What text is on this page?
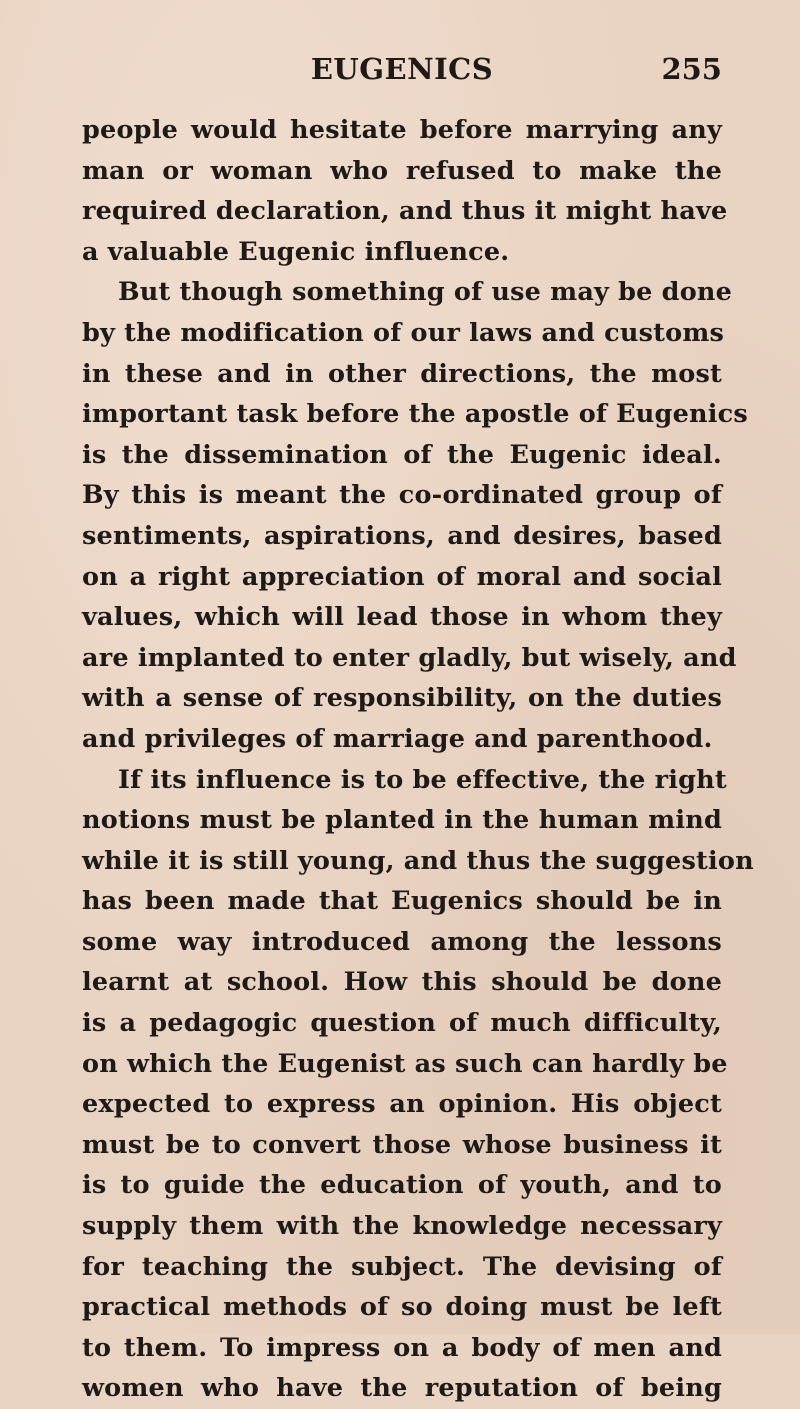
EUGENICS	255
people would hesitate before marrying any
man or woman who refused to make the
required declaration, and thus it might have
a valuable Eugenic influence.
But though something of use may be done
by the modification of our laws and customs
in these and in other directions, the most
important task before the apostle of Eugenics
is the dissemination of the Eugenic ideal.
By this is meant the co-ordinated group of
sentiments, aspirations, and desires, based
on a right appreciation of moral and social
values, which will lead those in whom they
are implanted to enter gladly, but wisely, and
with a sense of responsibility, on the duties
and privileges of marriage and parenthood.
If its influence is to be effective, the right
notions must be planted in the human mind
while it is still young, and thus the suggestion
has been made that Eugenics should be in
some way introduced among the lessons
learnt at school. How this should be done
is a pedagogic question of much difficulty,
on which the Eugenist as such can hardly be
expected to express an opinion. His object
must be to convert those whose business it
is to guide the education of youth, and to
supply them with the knowledge necessary
for teaching the subject. The devising of
practical methods of so doing must be left
to them. To impress on a body of men and
women who have the reputation of being
